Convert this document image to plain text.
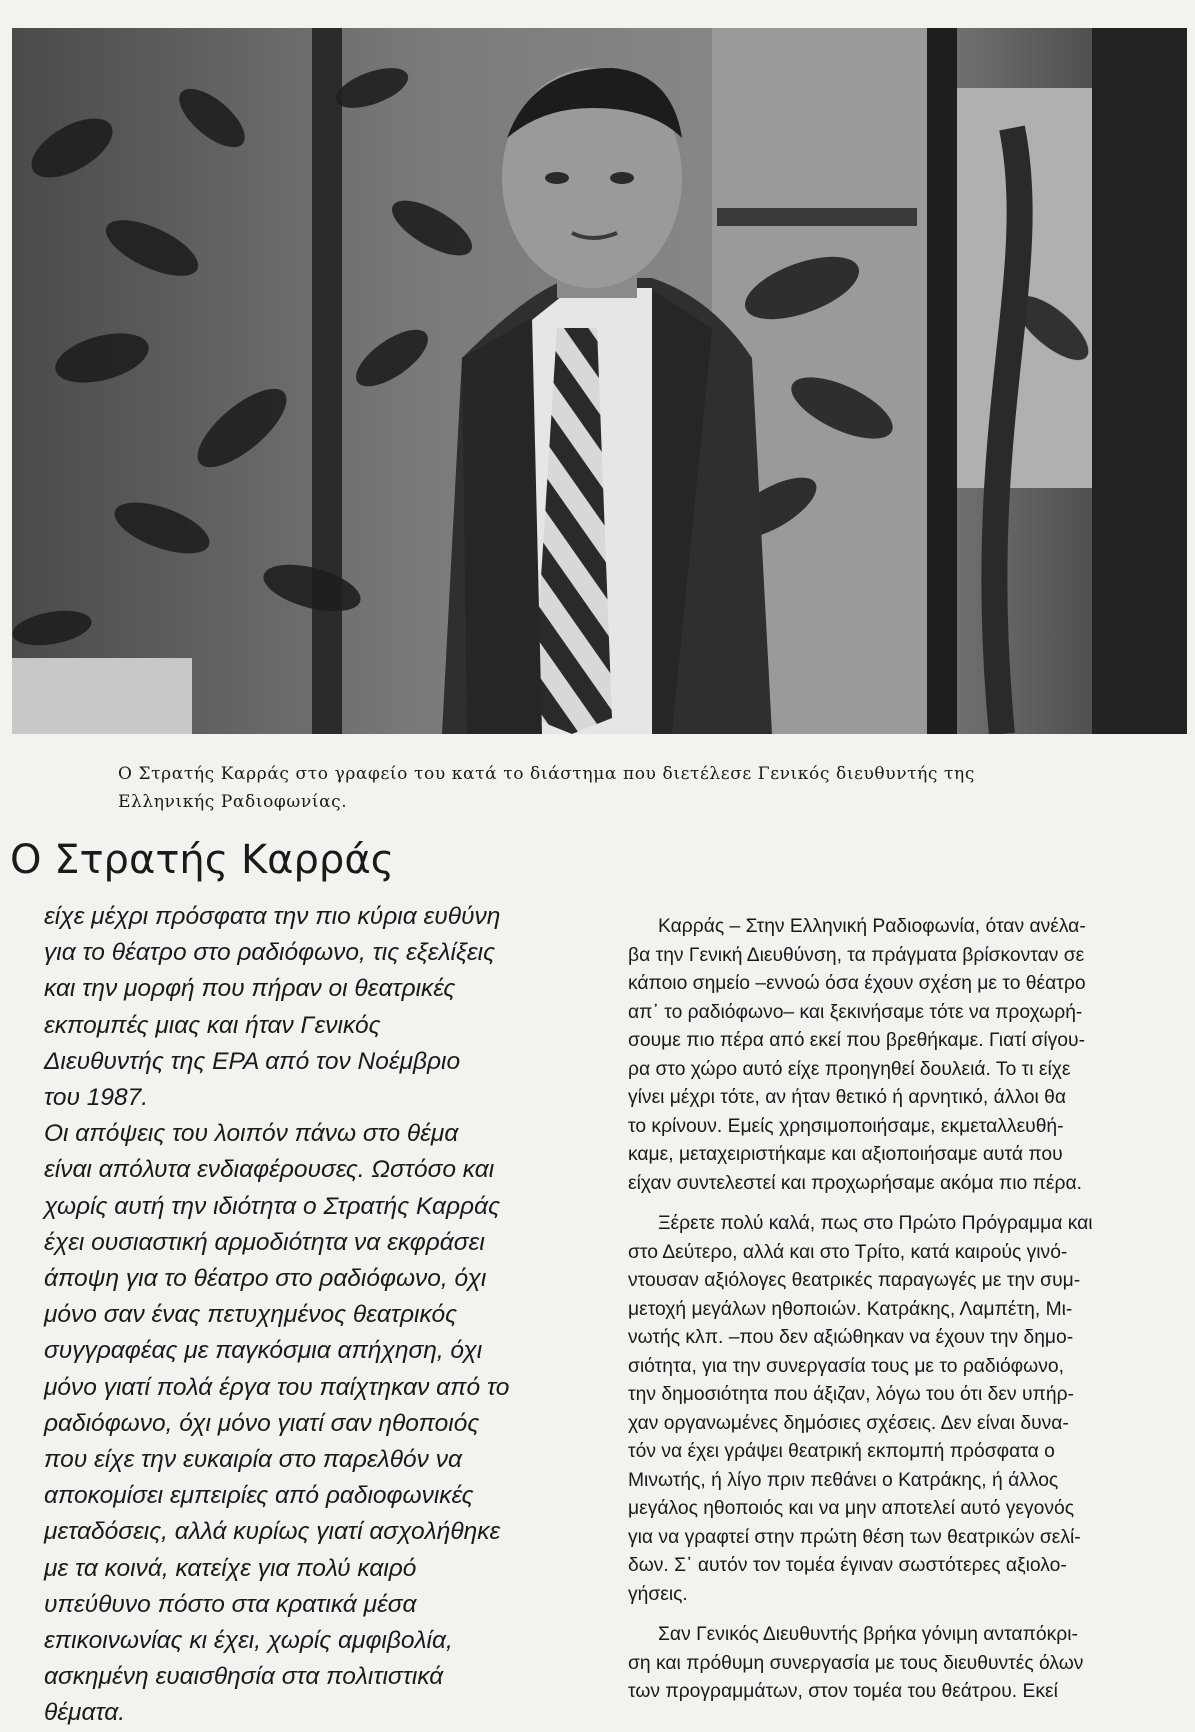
Ο Στρατής Καρράς στο γραφείο του κατά το διάστημα που διετέλεσε Γενικός διευθυντής της
Ελληνικής Ραδιοφωνίας.
Ο Στρατής Καρράς
είχε μέχρι πρόσφατα την πιο κύρια ευθύνη
για το θέατρο στο ραδιόφωνο, τις εξελίξεις
και την μορφή που πήραν οι θεατρικές
εκπομπές μιας και ήταν Γενικός
Διευθυντής της ΕΡΑ από τον Νοέμβριο
του 1987.
Οι απόψεις του λοιπόν πάνω στο θέμα
είναι απόλυτα ενδιαφέρουσες. Ωστόσο και
χωρίς αυτή την ιδιότητα ο Στρατής Καρράς
έχει ουσιαστική αρμοδιότητα να εκφράσει
άποψη για το θέατρο στο ραδιόφωνο, όχι
μόνο σαν ένας πετυχημένος θεατρικός
συγγραφέας με παγκόσμια απήχηση, όχι
μόνο γιατί πολά έργα του παίχτηκαν από το
ραδιόφωνο, όχι μόνο γιατί σαν ηθοποιός
που είχε την ευκαιρία στο παρελθόν να
αποκομίσει εμπειρίες από ραδιοφωνικές
μεταδόσεις, αλλά κυρίως γιατί ασχολήθηκε
με τα κοινά, κατείχε για πολύ καιρό
υπεύθυνο πόστο στα κρατικά μέσα
επικοινωνίας κι έχει, χωρίς αμφιβολία,
ασκημένη ευαισθησία στα πολιτιστικά
θέματα.
Καρράς – Στην Ελληνική Ραδιοφωνία, όταν ανέλα-
βα την Γενική Διευθύνση, τα πράγματα βρίσκονταν σε
κάποιο σημείο –εννοώ όσα έχουν σχέση με το θέατρο
απ᾽ το ραδιόφωνο– και ξεκινήσαμε τότε να προχωρή-
σουμε πιο πέρα από εκεί που βρεθήκαμε. Γιατί σίγου-
ρα στο χώρο αυτό είχε προηγηθεί δουλειά. Το τι είχε
γίνει μέχρι τότε, αν ήταν θετικό ή αρνητικό, άλλοι θα
το κρίνουν. Εμείς χρησιμοποιήσαμε, εκμεταλλευθή-
καμε, μεταχειριστήκαμε και αξιοποιήσαμε αυτά που
είχαν συντελεστεί και προχωρήσαμε ακόμα πιο πέρα.
Ξέρετε πολύ καλά, πως στο Πρώτο Πρόγραμμα και
στο Δεύτερο, αλλά και στο Τρίτο, κατά καιρούς γινό-
ντουσαν αξιόλογες θεατρικές παραγωγές με την συμ-
μετοχή μεγάλων ηθοποιών. Κατράκης, Λαμπέτη, Μι-
νωτής κλπ. –που δεν αξιώθηκαν να έχουν την δημο-
σιότητα, για την συνεργασία τους με το ραδιόφωνο,
την δημοσιότητα που άξιζαν, λόγω του ότι δεν υπήρ-
χαν οργανωμένες δημόσιες σχέσεις. Δεν είναι δυνα-
τόν να έχει γράψει θεατρική εκπομπή πρόσφατα ο
Μινωτής, ή λίγο πριν πεθάνει ο Κατράκης, ή άλλος
μεγάλος ηθοποιός και να μην αποτελεί αυτό γεγονός
για να γραφτεί στην πρώτη θέση των θεατρικών σελί-
δων. Σ᾽ αυτόν τον τομέα έγιναν σωστότερες αξιολο-
γήσεις.
Σαν Γενικός Διευθυντής βρήκα γόνιμη ανταπόκρι-
ση και πρόθυμη συνεργασία με τους διευθυντές όλων
των προγραμμάτων, στον τομέα του θεάτρου. Εκεί
